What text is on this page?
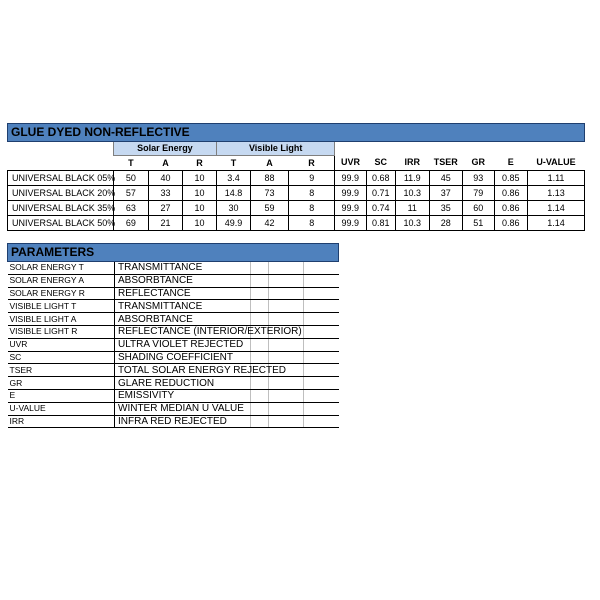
GLUE DYED NON-REFLECTIVE													
	Solar Energy			Visible Light									
	T	A	R	T	A	R	UVR	SC	IRR	TSER	GR	E	U-VALUE
UNIVERSAL BLACK 05%	50	40	10	3.4	88	9	99.9	0.68	11.9	45	93	0.85	1.11
UNIVERSAL BLACK 20%	57	33	10	14.8	73	8	99.9	0.71	10.3	37	79	0.86	1.13
UNIVERSAL BLACK 35%	63	27	10	30	59	8	99.9	0.74	11	35	60	0.86	1.14
UNIVERSAL BLACK 50%	69	21	10	49.9	42	8	99.9	0.81	10.3	28	51	0.86	1.14
PARAMETERS				
SOLAR ENERGY T	TRANSMITTANCE			
SOLAR ENERGY A	ABSORBTANCE			
SOLAR ENERGY R	REFLECTANCE			
VISIBLE LIGHT T	TRANSMITTANCE			
VISIBLE LIGHT A	ABSORBTANCE			
VISIBLE LIGHT R	REFLECTANCE (INTERIOR/EXTERIOR)			
UVR	ULTRA VIOLET REJECTED			
SC	SHADING COEFFICIENT			
TSER	TOTAL SOLAR ENERGY REJECTED			
GR	GLARE REDUCTION			
E	EMISSIVITY			
U-VALUE	WINTER MEDIAN U VALUE			
IRR	INFRA RED REJECTED			
